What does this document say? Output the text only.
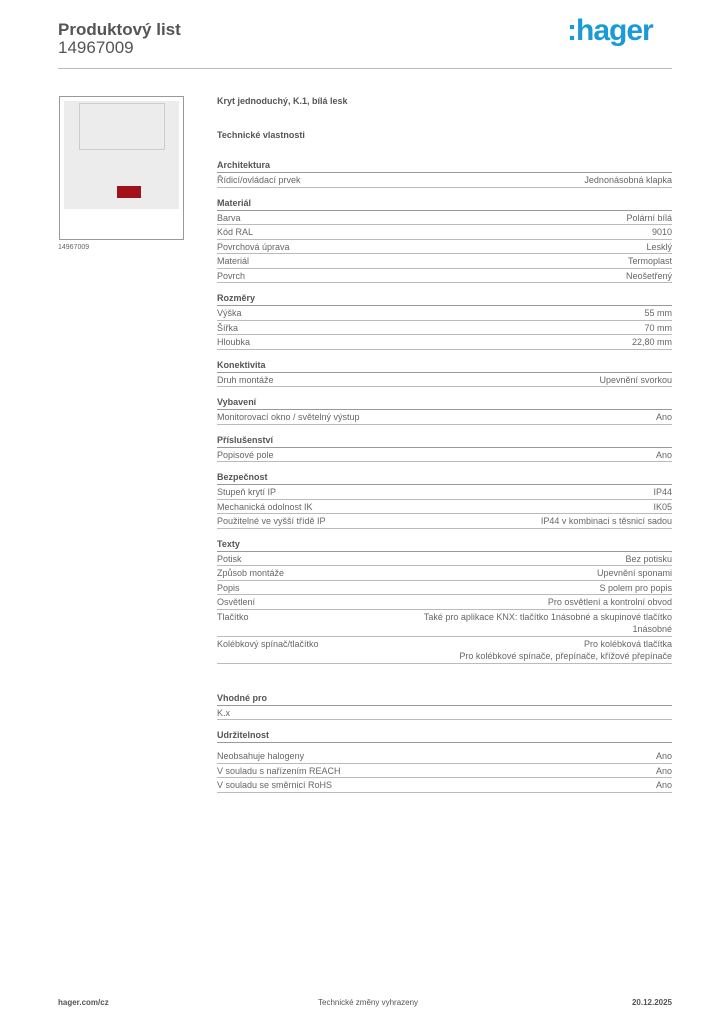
Produktový list
14967009
:hager
14967009
Kryt jednoduchý, K.1, bílá lesk
Technické vlastnosti
Architektura
Řídicí/ovládací prvek	Jednonásobná klapka
Materiál
Barva	Polární bílá
Kód RAL	9010
Povrchová úprava	Lesklý
Materiál	Termoplast
Povrch	Neošetřený
Rozměry
Výška	55 mm
Šířka	70 mm
Hloubka	22,80 mm
Konektivita
Druh montáže	Upevnění svorkou
Vybavení
Monitorovací okno / světelný výstup	Ano
Příslušenství
Popisové pole	Ano
Bezpečnost
Stupeň krytí IP	IP44
Mechanická odolnost IK	IK05
Použitelné ve vyšší třídě IP	IP44 v kombinaci s těsnicí sadou
Texty
Potisk	Bez potisku
Způsob montáže	Upevnění sponami
Popis	S polem pro popis
Osvětlení	Pro osvětlení a kontrolní obvod
Tlačítko	Také pro aplikace KNX: tlačítko 1násobné a skupinové tlačítko
1násobné
Kolébkový spínač/tlačítko	Pro kolébková tlačítka
Pro kolébkové spínače, přepínače, křížové přepínače
Vhodné pro
K.x
Udržitelnost
Neobsahuje halogeny	Ano
V souladu s nařízením REACH	Ano
V souladu se směrnicí RoHS	Ano
hager.com/cz	Technické změny vyhrazeny	20.12.2025
